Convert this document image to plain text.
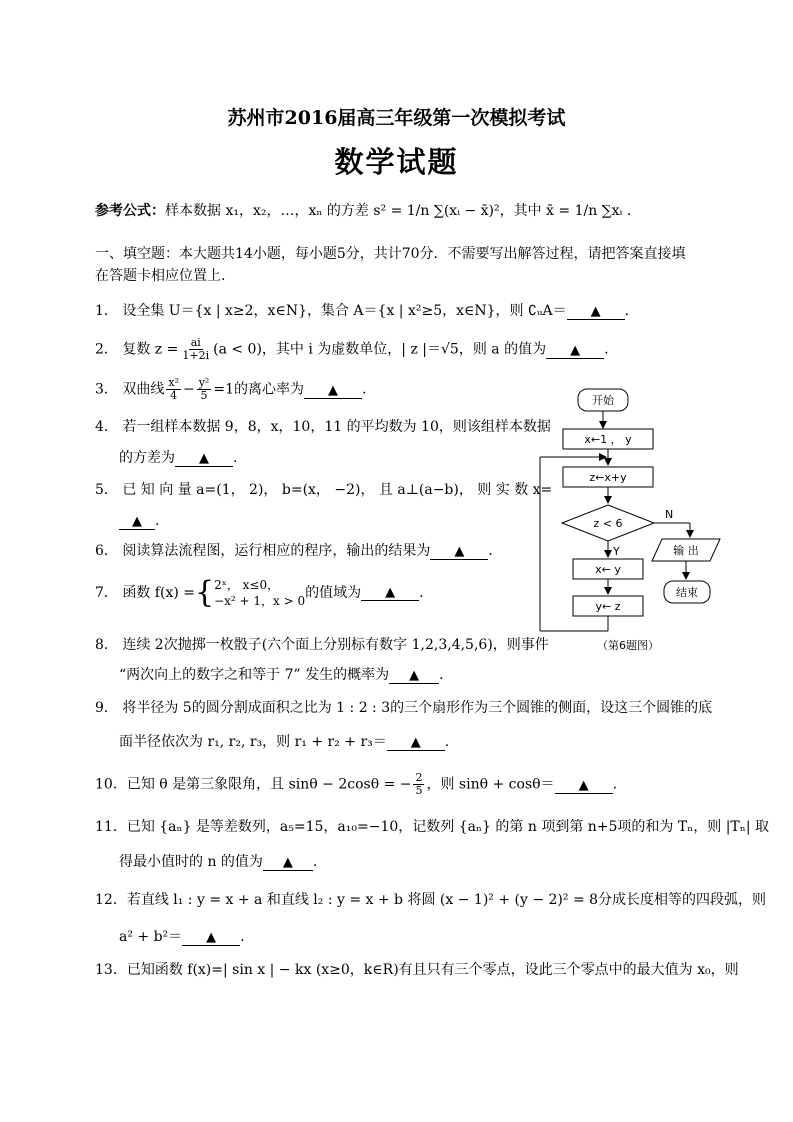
苏州市2016届高三年级第一次模拟考试
数学试题
参考公式：样本数据 x₁，x₂，…，xₙ 的方差 s² = 1/n ∑(xᵢ − x̄)²，其中 x̄ = 1/n ∑xᵢ .
一、填空题：本大题共14小题，每小题5分，共计70分．不需要写出解答过程，请把答案直接填
在答题卡相应位置上.
1． 设全集 U＝{x | x≥2，x∈N}，集合 A＝{x | x²≥5，x∈N}，则 ∁ᵤA＝ ▲ .
2． 复数 $z = \frac{ai}{1+2i} (a < 0)$，其中 i 为虚数单位，| z |＝√5，则 a 的值为 ▲ .
3． 双曲线 $\frac{\text{x²}}{4} - \frac{\text{y²}}{5} =1$的离心率为 ▲ .
4． 若一组样本数据 9，8，x，10，11 的平均数为 10，则该组样本数据
的方差为 ▲ .
5． 已 知 向 量 a=(1， 2)， b=(x， −2)， 且 a⊥(a−b)， 则 实 数 x=
▲ .
6． 阅读算法流程图，运行相应的程序，输出的结果为 ▲ .
7． 函数 f(x) ={ 2ˣ， x≤0，
−x² + 1，x > 0 的值域为 ▲ .
8． 连续 2次抛掷一枚骰子(六个面上分别标有数字 1,2,3,4,5,6)，则事件
“两次向上的数字之和等于 7” 发生的概率为 ▲ .
9． 将半径为 5的圆分割成面积之比为 1 : 2 : 3的三个扇形作为三个圆锥的侧面，设这三个圆锥的底
面半径依次为 r₁, r₂, r₃，则 r₁ + r₂ + r₃＝ ▲ .
10．已知 θ 是第三象限角，且 sinθ − 2cosθ = − $\frac{2}{5}$ ，则 sinθ + cosθ＝ ▲ .
11．已知 {aₙ} 是等差数列，a₅=15，a₁₀=−10，记数列 {aₙ} 的第 n 项到第 n+5项的和为 Tₙ，则 |Tₙ| 取
得最小值时的 n 的值为 ▲ .
12．若直线 l₁ : y = x + a 和直线 l₂ : y = x + b 将圆 (x − 1)² + (y − 2)² = 8分成长度相等的四段弧，则
a² + b²＝ ▲ .
13．已知函数 f(x)=| sin x | − kx (x≥0，k∈R)有且只有三个零点，设此三个零点中的最大值为 x₀，则
开始
x←1 ， y
z←x+y
z < 6
N
输 出
结束
Y
x← y
y← z
（第6题图）
